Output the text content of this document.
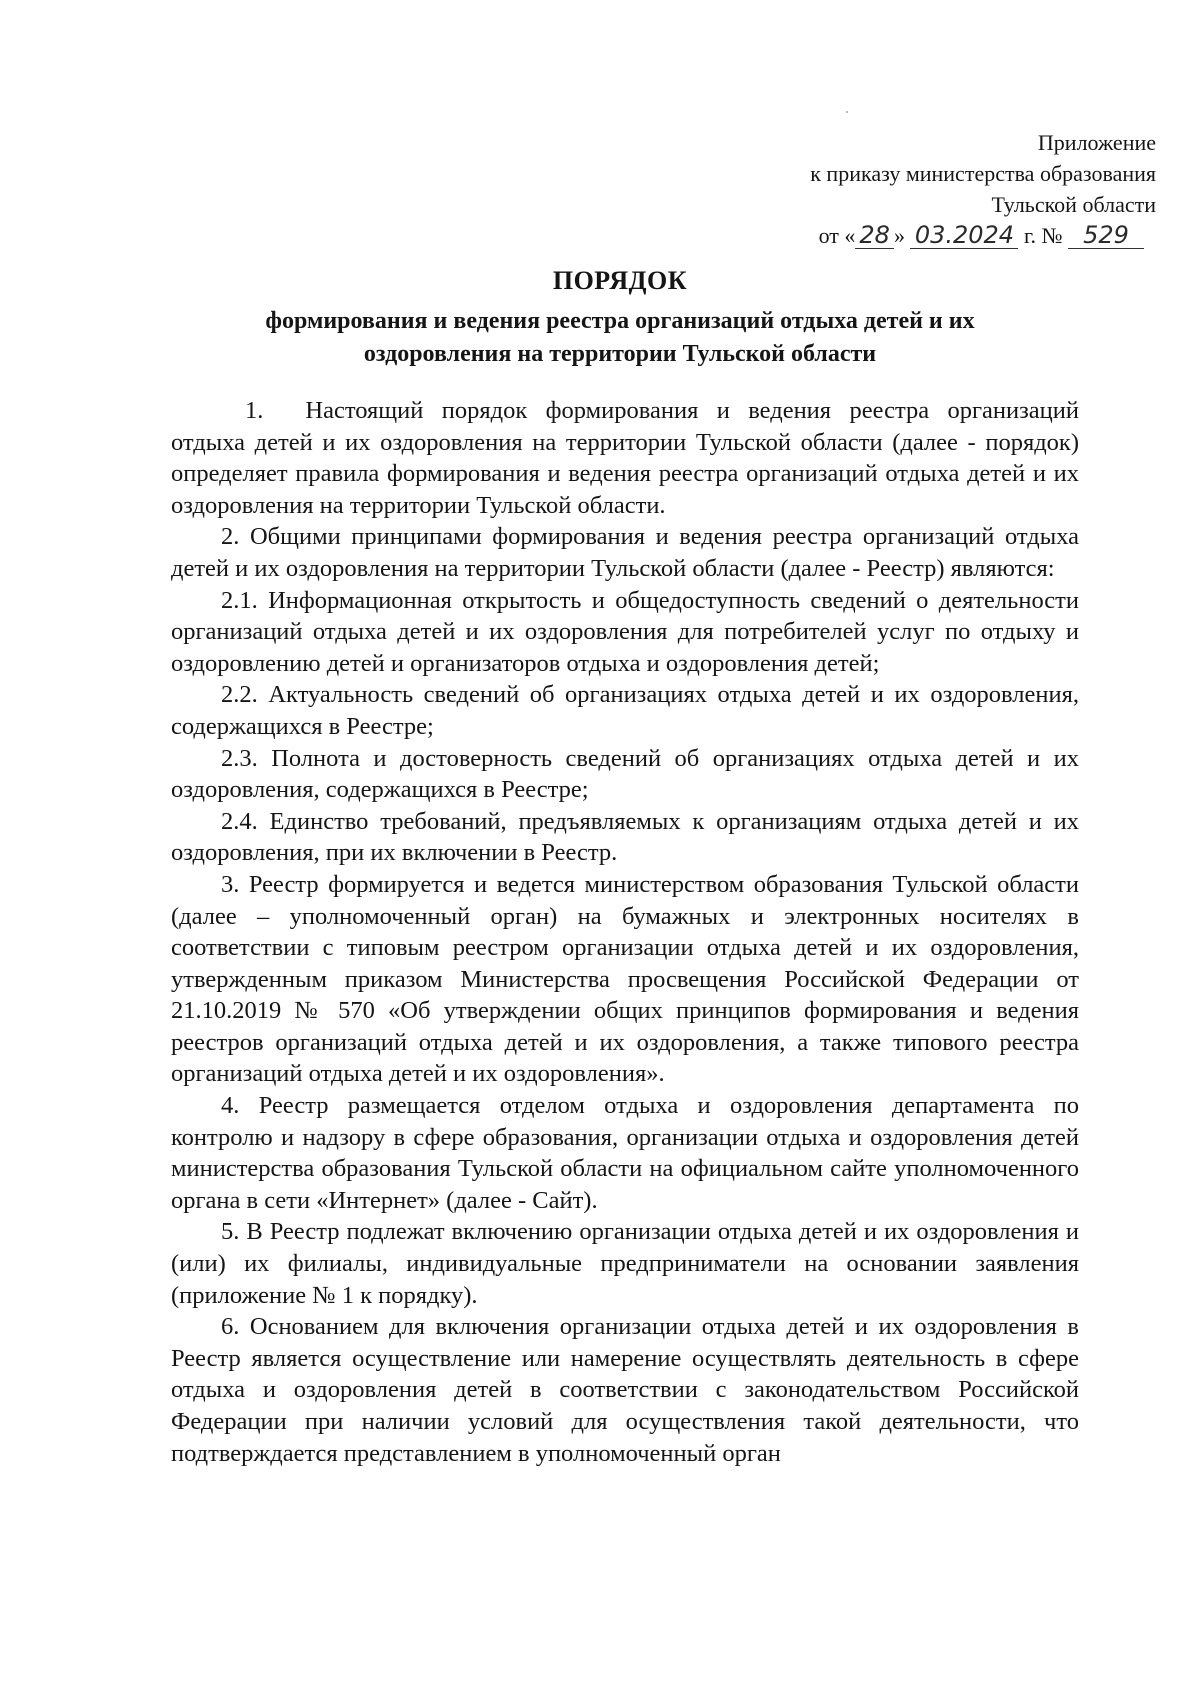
Приложение
к приказу министерства образования
Тульской области
от « 28 » 03.2024 г. № 529
ПОРЯДОК
формирования и ведения реестра организаций отдыха детей и их
оздоровления на территории Тульской области

1. Настоящий порядок формирования и ведения реестра организаций отдыха детей и их оздоровления на территории Тульской области (далее - порядок) определяет правила формирования и ведения реестра организаций отдыха детей и их оздоровления на территории Тульской области.

2. Общими принципами формирования и ведения реестра организаций отдыха детей и их оздоровления на территории Тульской области (далее - Реестр) являются:

2.1. Информационная открытость и общедоступность сведений о деятельности организаций отдыха детей и их оздоровления для потребителей услуг по отдыху и оздоровлению детей и организаторов отдыха и оздоровления детей;

2.2. Актуальность сведений об организациях отдыха детей и их оздоровления, содержащихся в Реестре;

2.3. Полнота и достоверность сведений об организациях отдыха детей и их оздоровления, содержащихся в Реестре;

2.4. Единство требований, предъявляемых к организациям отдыха детей и их оздоровления, при их включении в Реестр.

3. Реестр формируется и ведется министерством образования Тульской области (далее – уполномоченный орган) на бумажных и электронных носителях в соответствии с типовым реестром организации отдыха детей и их оздоровления, утвержденным приказом Министерства просвещения Российской Федерации от 21.10.2019 № 570 «Об утверждении общих принципов формирования и ведения реестров организаций отдыха детей и их оздоровления, а также типового реестра организаций отдыха детей и их оздоровления».

4. Реестр размещается отделом отдыха и оздоровления департамента по контролю и надзору в сфере образования, организации отдыха и оздоровления детей министерства образования Тульской области на официальном сайте уполномоченного органа в сети «Интернет» (далее - Сайт).

5. В Реестр подлежат включению организации отдыха детей и их оздоровления и (или) их филиалы, индивидуальные предприниматели на основании заявления (приложение № 1 к порядку).

6. Основанием для включения организации отдыха детей и их оздоровления в Реестр является осуществление или намерение осуществлять деятельность в сфере отдыха и оздоровления детей в соответствии с законодательством Российской Федерации при наличии условий для осуществления такой деятельности, что подтверждается представлением в уполномоченный орган
